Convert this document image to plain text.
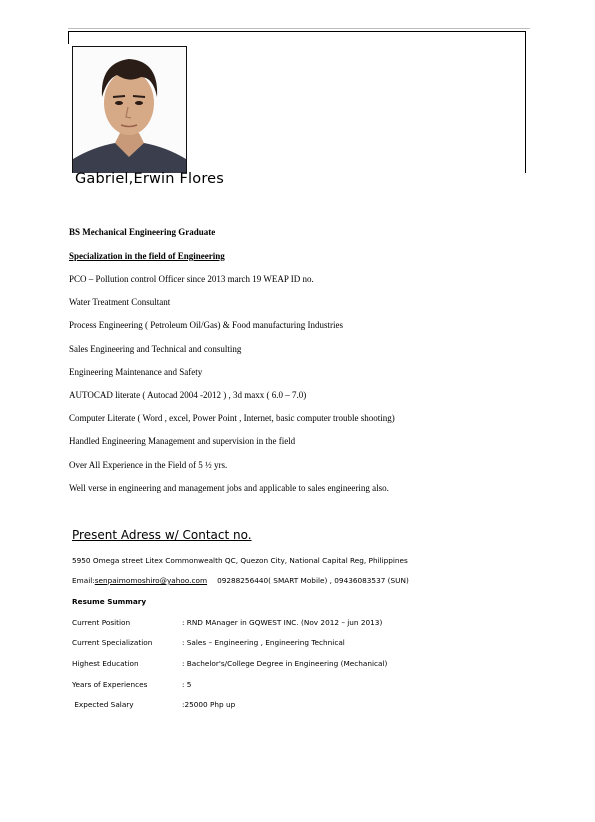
Gabriel,Erwin Flores
BS Mechanical Engineering Graduate
Specialization in the field of Engineering
PCO – Pollution control Officer since 2013 march 19 WEAP ID no.
Water Treatment Consultant
Process Engineering ( Petroleum Oil/Gas) & Food manufacturing Industries
Sales Engineering and Technical and consulting
Engineering Maintenance and Safety
AUTOCAD literate ( Autocad 2004 -2012 ) , 3d maxx ( 6.0 – 7.0)
Computer Literate ( Word , excel, Power Point , Internet, basic computer trouble shooting)
Handled Engineering Management and supervision in the field
Over All Experience in the Field of 5 ½ yrs.
Well verse in engineering and management jobs and applicable to sales engineering also.
Present Adress w/ Contact no.
5950 Omega street Litex Commonwealth QC, Quezon City, National Capital Reg, Philippines
Email:senpaimomoshiro@yahoo.com 09288256440( SMART Mobile) , 09436083537 (SUN)
Resume Summary
Current Position	: RND MAnager in GQWEST INC. (Nov 2012 – jun 2013)
Current Specialization	: Sales – Engineering , Engineering Technical
Highest Education	: Bachelor's/College Degree in Engineering (Mechanical)
Years of Experiences	: 5
Expected Salary	:25000 Php up
